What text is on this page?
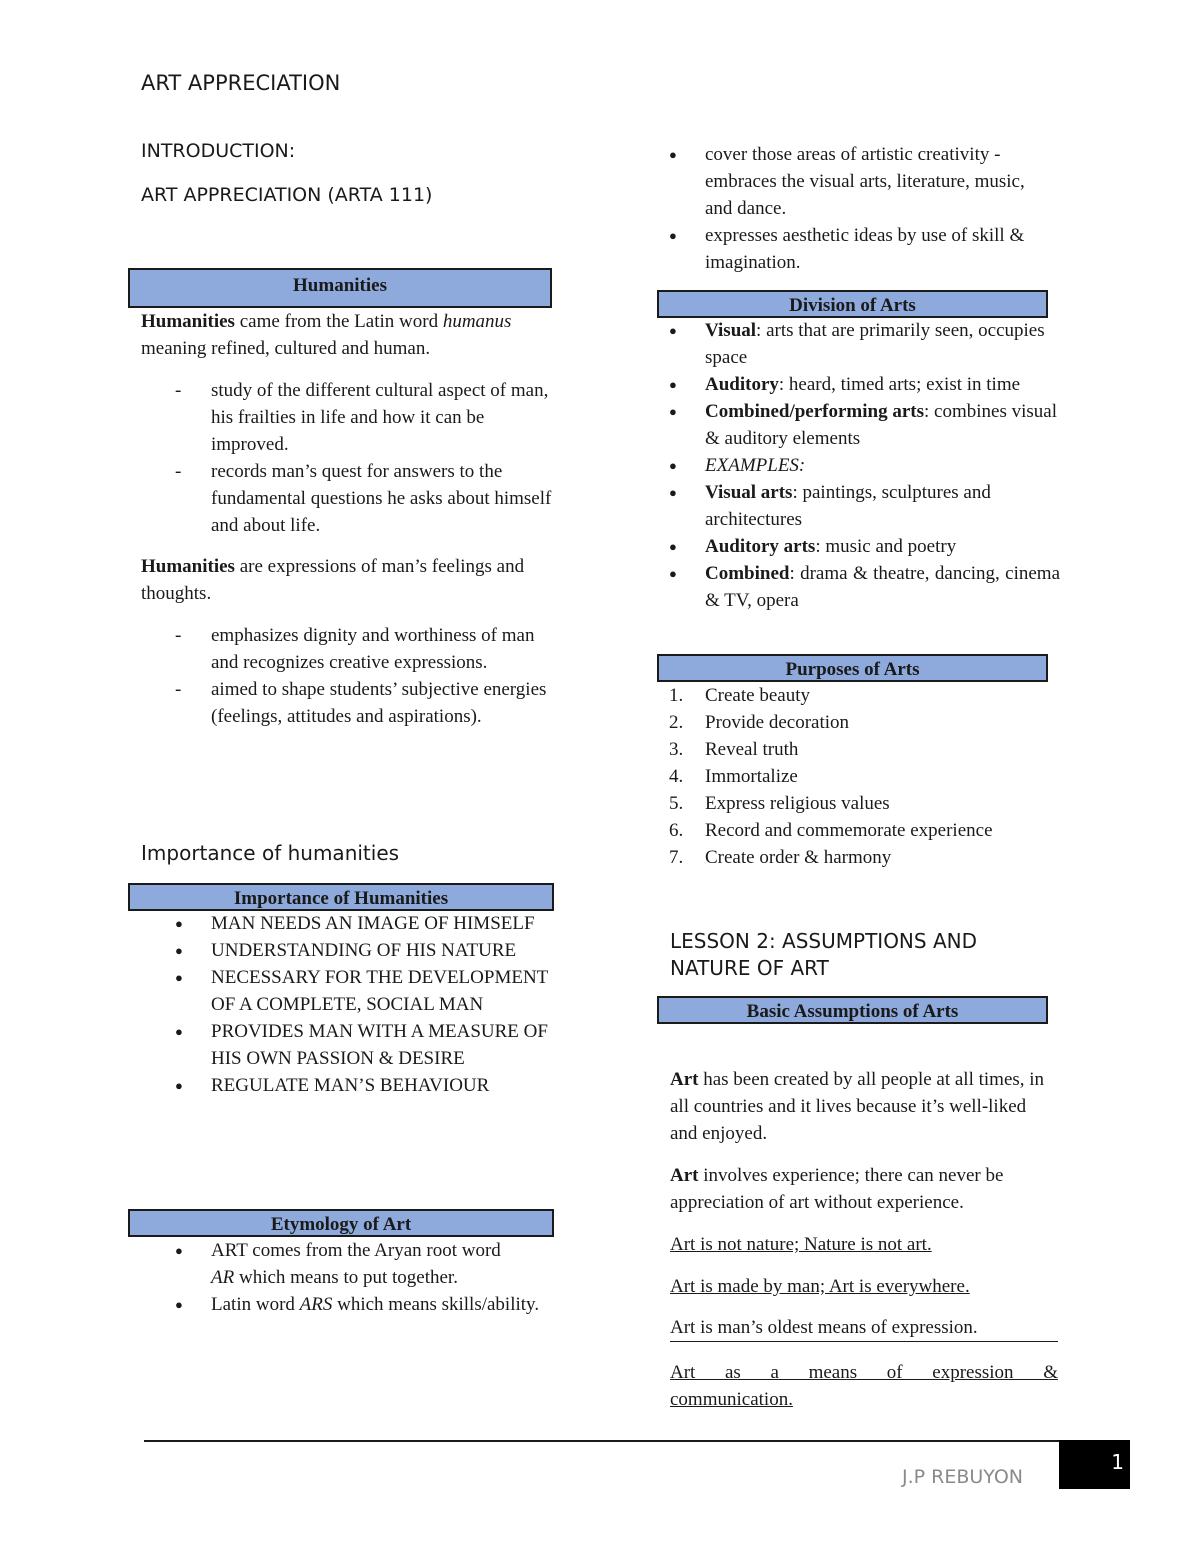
ART APPRECIATION
INTRODUCTION:
ART APPRECIATION (ARTA 111)
Humanities
Humanities came from the Latin word humanus
meaning refined, cultured and human.
- study of the different cultural aspect of man, his frailties in life and how it can be improved.
- records man’s quest for answers to the fundamental questions he asks about himself and about life.
Humanities are expressions of man’s feelings and thoughts.
- emphasizes dignity and worthiness of man and recognizes creative expressions.
- aimed to shape students’ subjective energies (feelings, attitudes and aspirations).
Importance of humanities
Importance of Humanities
● MAN NEEDS AN IMAGE OF HIMSELF
● UNDERSTANDING OF HIS NATURE
● NECESSARY FOR THE DEVELOPMENT OF A COMPLETE, SOCIAL MAN
● PROVIDES MAN WITH A MEASURE OF HIS OWN PASSION & DESIRE
● REGULATE MAN’S BEHAVIOUR
Etymology of Art
● ART comes from the Aryan root word
AR which means to put together.
● Latin word ARS which means skills/ability.
● cover those areas of artistic creativity -embraces the visual arts, literature, music, and dance.
● expresses aesthetic ideas by use of skill & imagination.
Division of Arts
● Visual: arts that are primarily seen, occupies space
● Auditory: heard, timed arts; exist in time
● Combined/performing arts: combines visual & auditory elements
● EXAMPLES:
● Visual arts: paintings, sculptures and architectures
● Auditory arts: music and poetry
● Combined: drama & theatre, dancing, cinema & TV, opera
Purposes of Arts
1. Create beauty
2. Provide decoration
3. Reveal truth
4. Immortalize
5. Express religious values
6. Record and commemorate experience
7. Create order & harmony
LESSON 2: ASSUMPTIONS AND NATURE OF ART
Basic Assumptions of Arts
Art has been created by all people at all times, in all countries and it lives because it’s well-liked and enjoyed.
Art involves experience; there can never be appreciation of art without experience.
Art is not nature; Nature is not art.
Art is made by man; Art is everywhere.
Art is man’s oldest means of expression.
Art as a means of expression & communication.
J.P REBUYON
1
